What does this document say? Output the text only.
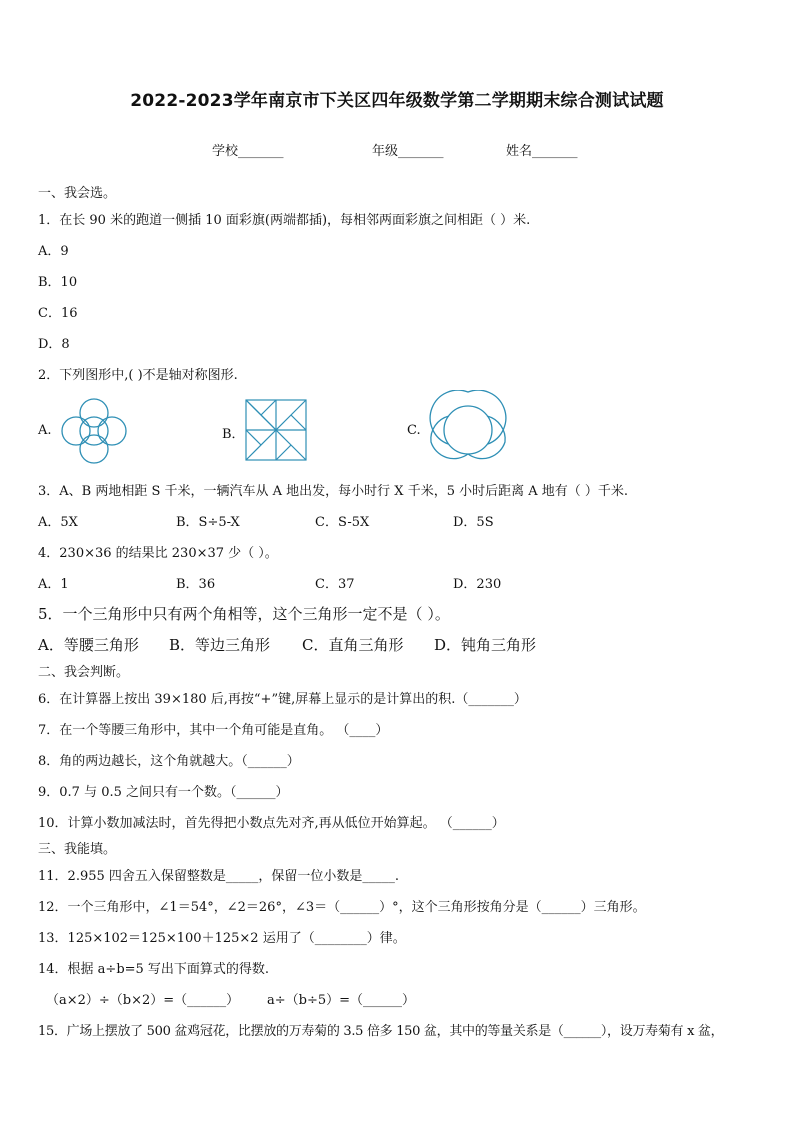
2022-2023学年南京市下关区四年级数学第二学期期末综合测试试题
学校_______	年级_______	姓名_______
一、我会选。
1．在长 90 米的跑道一侧插 10 面彩旗(两端都插)，每相邻两面彩旗之间相距（ ）米.
A．9
B．10
C．16
D．8
2．下列图形中,( )不是轴对称图形.
A.	B．	C.
3．A、B 两地相距 S 千米，一辆汽车从 A 地出发，每小时行 X 千米，5 小时后距离 A 地有（ ）千米.
A．5X	B．S÷5-X	C．S-5X	D．5S
4．230×36 的结果比 230×37 少（ ）。
A．1	B．36	C．37	D．230
5．一个三角形中只有两个角相等，这个三角形一定不是（ ）。
A．等腰三角形 B．等边三角形 C．直角三角形 D．钝角三角形
二、我会判断。
6．在计算器上按出 39×180 后,再按“+”键,屏幕上显示的是计算出的积.（_______）
7．在一个等腰三角形中，其中一个角可能是直角。 （____）
8．角的两边越长，这个角就越大。（______）
9．0.7 与 0.5 之间只有一个数。（______）
10．计算小数加减法时，首先得把小数点先对齐,再从低位开始算起。 （______）
三、我能填。
11．2.955 四舍五入保留整数是_____，保留一位小数是_____.
12．一个三角形中，∠1＝54°，∠2＝26°，∠3＝（______）°，这个三角形按角分是（______）三角形。
13．125×102＝125×100＋125×2 运用了（________）律。
14．根据 a÷b=5 写出下面算式的得数.
（a×2）÷（b×2）=（______） a÷（b÷5）=（______）
15．广场上摆放了 500 盆鸡冠花，比摆放的万寿菊的 3.5 倍多 150 盆，其中的等量关系是（______），设万寿菊有 x 盆，
